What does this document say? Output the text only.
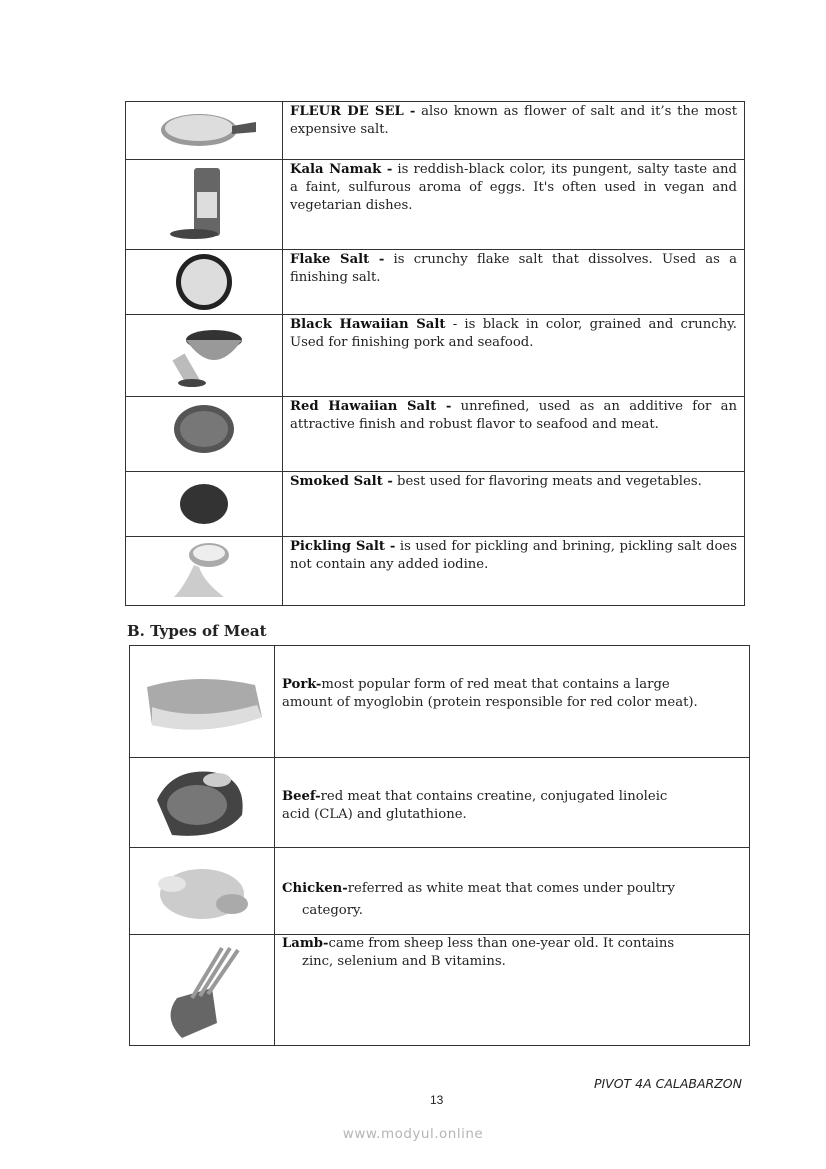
	FLEUR DE SEL - also known as flower of salt and it’s the most expensive salt.

	Kala Namak - is reddish-black color, its pungent, salty taste and a faint, sulfurous aroma of eggs. It's often used in vegan and vegetarian dishes.

	Flake Salt - is crunchy flake salt that dissolves. Used as a finishing salt.

	Black Hawaiian Salt - is black in color, grained and crunchy. Used for finishing pork and seafood.

	Red Hawaiian Salt - unrefined, used as an additive for an attractive finish and robust flavor to seafood and meat.

	Smoked Salt - best used for flavoring meats and vegetables.

	Pickling Salt - is used for pickling and brining, pickling salt does not contain any added iodine.
B. Types of Meat
	Pork-most popular form of red meat that contains a large
amount of myoglobin (protein responsible for red color meat).

	Beef-red meat that contains creatine, conjugated linoleic
acid (CLA) and glutathione.

	Chicken-referred as white meat that comes under poultry
category.

	Lamb-came from sheep less than one-year old. It contains
zinc, selenium and B vitamins.
PIVOT 4A CALABARZON
13
www.modyul.online
